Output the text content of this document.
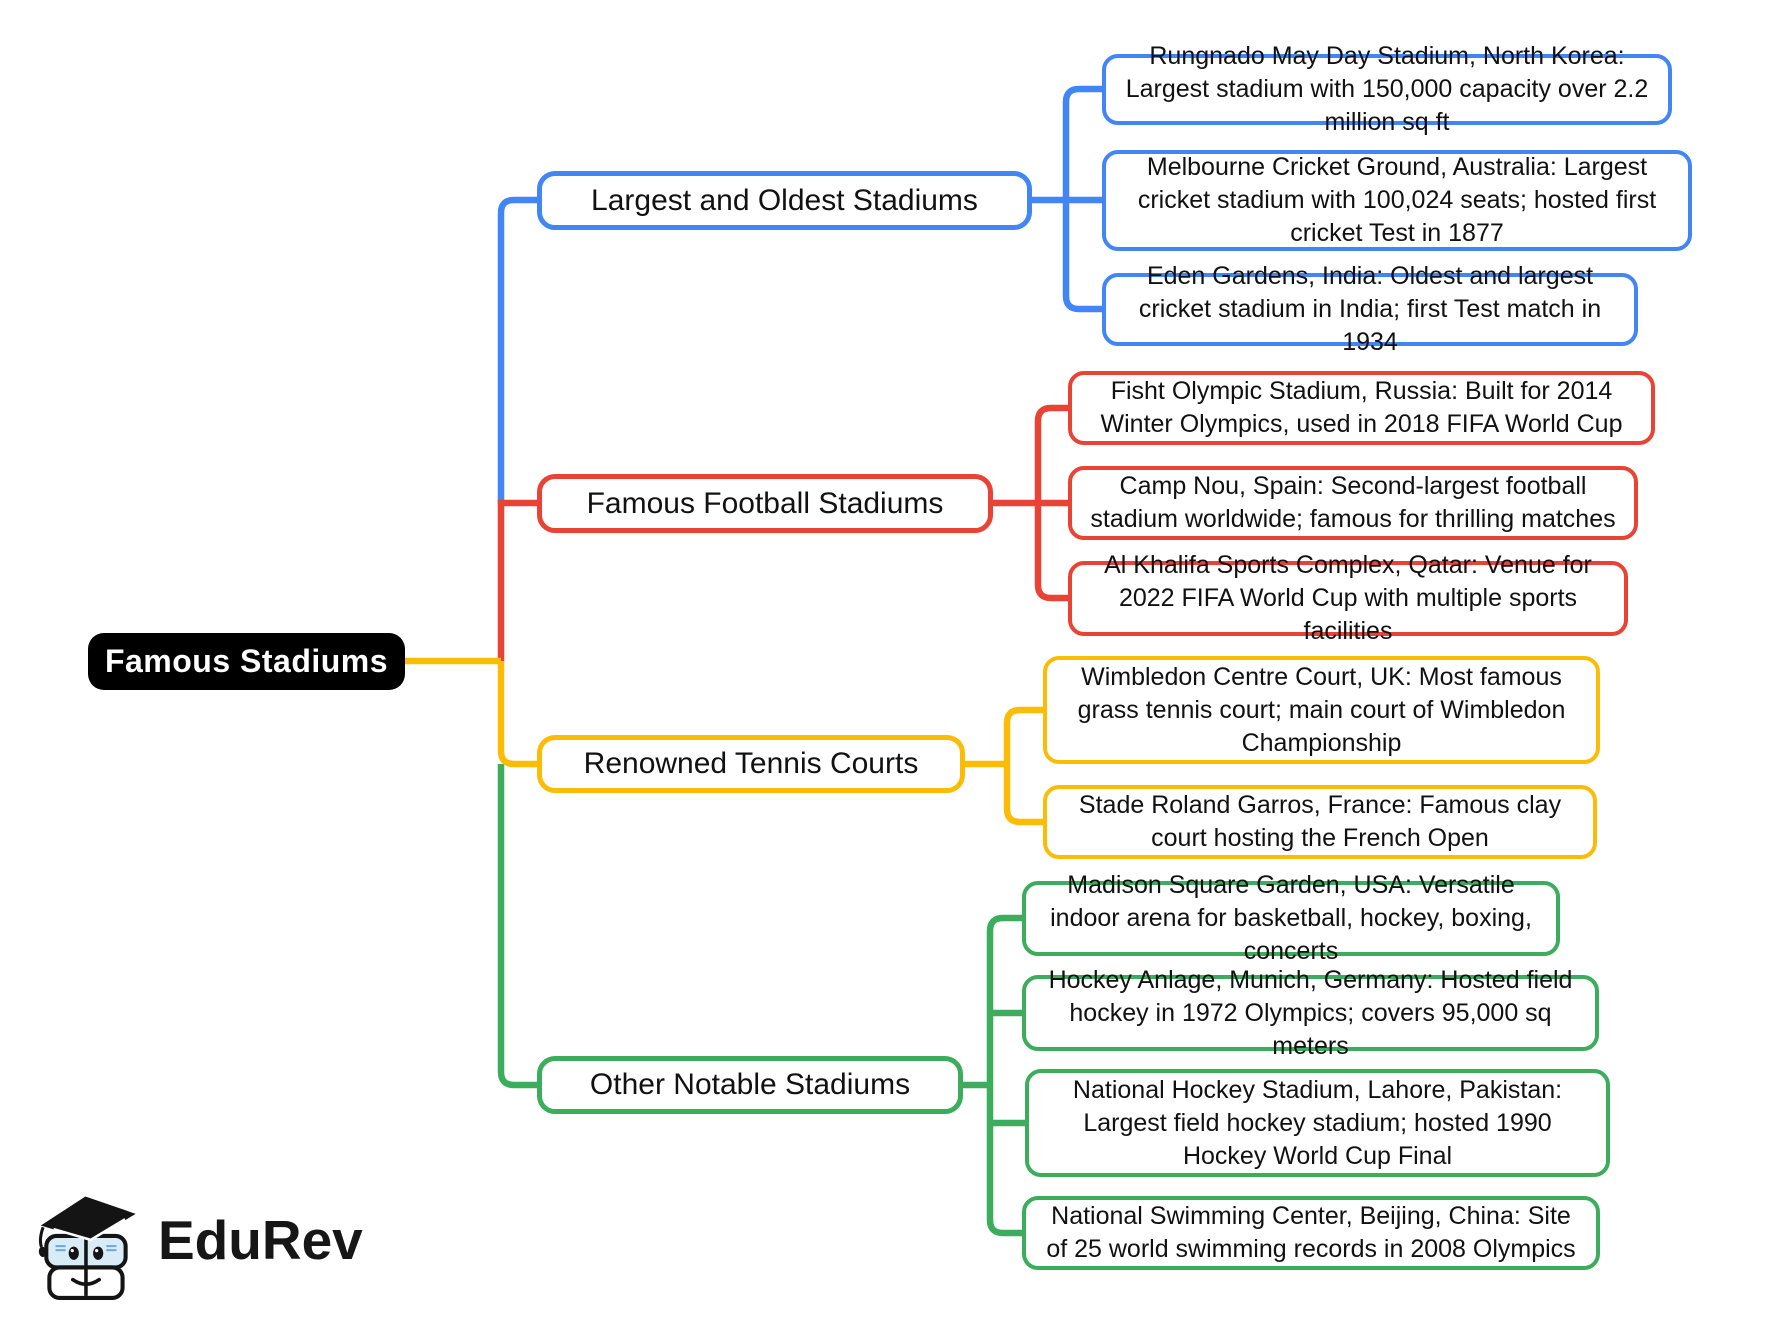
Famous Stadiums
Largest and Oldest Stadiums
Famous Football Stadiums
Renowned Tennis Courts
Other Notable Stadiums
Rungnado May Day Stadium, North Korea: Largest stadium with 150,000 capacity over 2.2 million sq ft
Melbourne Cricket Ground, Australia: Largest cricket stadium with 100,024 seats; hosted first cricket Test in 1877
Eden Gardens, India: Oldest and largest cricket stadium in India; first Test match in 1934
Fisht Olympic Stadium, Russia: Built for 2014 Winter Olympics, used in 2018 FIFA World Cup
Camp Nou, Spain: Second-largest football stadium worldwide; famous for thrilling matches
Al Khalifa Sports Complex, Qatar: Venue for 2022 FIFA World Cup with multiple sports facilities
Wimbledon Centre Court, UK: Most famous grass tennis court; main court of Wimbledon Championship
Stade Roland Garros, France: Famous clay court hosting the French Open
Madison Square Garden, USA: Versatile indoor arena for basketball, hockey, boxing, concerts
Hockey Anlage, Munich, Germany: Hosted field hockey in 1972 Olympics; covers 95,000 sq meters
National Hockey Stadium, Lahore, Pakistan: Largest field hockey stadium; hosted 1990 Hockey World Cup Final
National Swimming Center, Beijing, China: Site of 25 world swimming records in 2008 Olympics
EduRev
